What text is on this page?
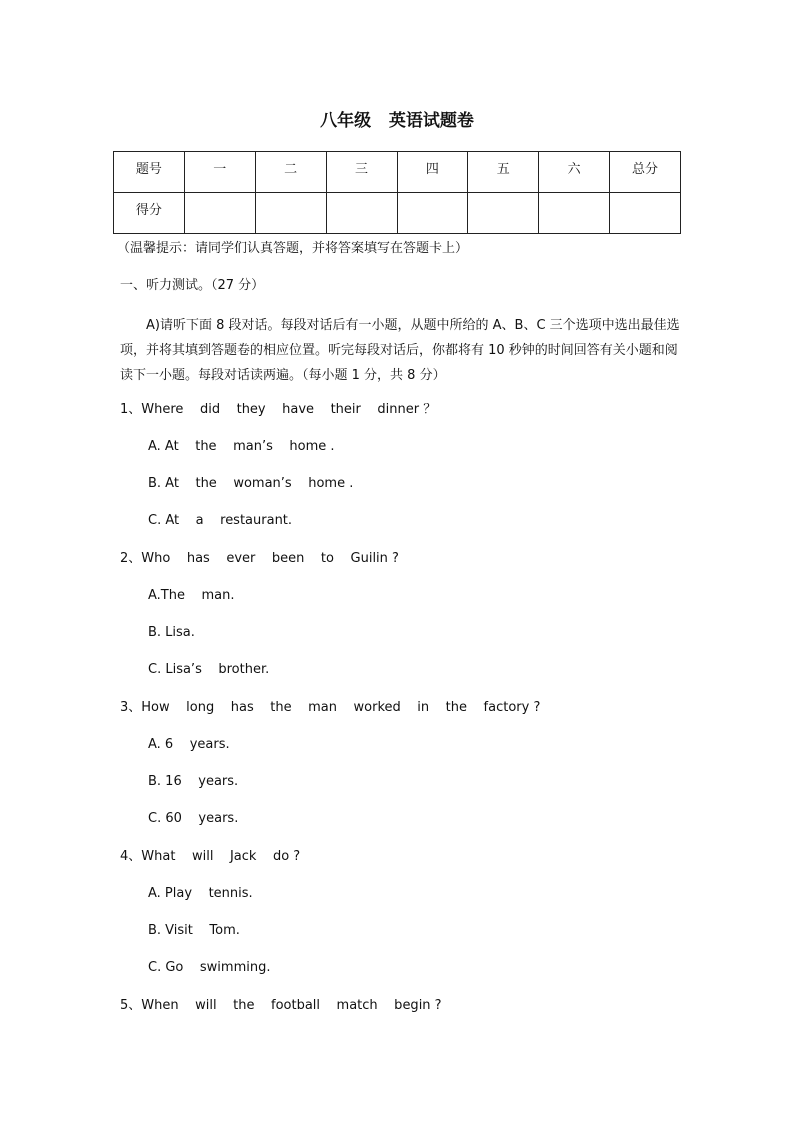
八年级   英语试题卷
题号	一	二	三	四	五	六	总分
得分							
（温馨提示：请同学们认真答题，并将答案填写在答题卡上）
一、听力测试。（27 分）
A)请听下面 8 段对话。每段对话后有一小题，从题中所给的 A、B、C 三个选项中选出最佳选项，并将其填到答题卷的相应位置。听完每段对话后，你都将有 10 秒钟的时间回答有关小题和阅读下一小题。每段对话读两遍。（每小题 1 分，共 8 分）
1、Where    did    they    have    their    dinner ？
A. At    the    man’s    home .
B. At    the    woman’s    home .
C. At    a    restaurant.
2、Who    has    ever    been    to    Guilin ?
A.The    man.
B. Lisa.
C. Lisa’s    brother.
3、How    long    has    the    man    worked    in    the    factory ?
A. 6    years.
B. 16    years.
C. 60    years.
4、What    will    Jack    do ?
A. Play    tennis.
B. Visit    Tom.
C. Go    swimming.
5、When    will    the    football    match    begin ?
